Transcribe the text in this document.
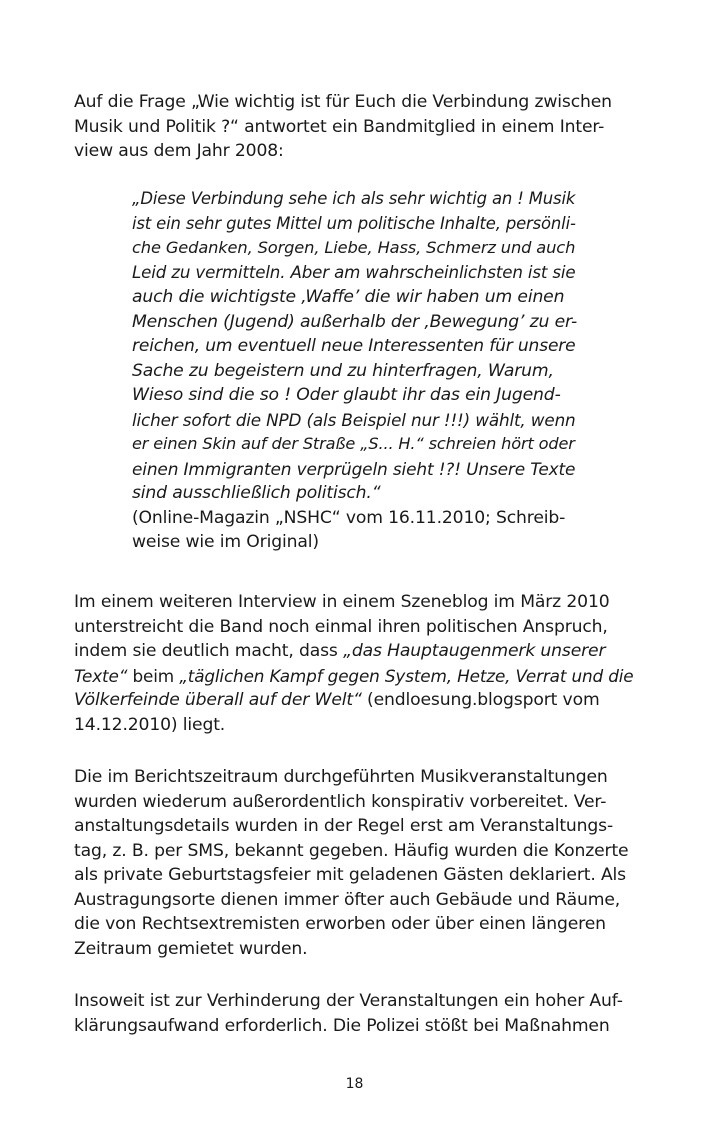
Auf die Frage „Wie wichtig ist für Euch die Verbindung zwischen
Musik und Politik ?“ antwortet ein Bandmitglied in einem Inter-
view aus dem Jahr 2008:
„Diese Verbindung sehe ich als sehr wichtig an ! Musik
ist ein sehr gutes Mittel um politische Inhalte, persönli-
che Gedanken, Sorgen, Liebe, Hass, Schmerz und auch
Leid zu vermitteln. Aber am wahrscheinlichsten ist sie
auch die wichtigste ‚Waffe’ die wir haben um einen
Menschen (Jugend) außerhalb der ‚Bewegung’ zu er-
reichen, um eventuell neue Interessenten für unsere
Sache zu begeistern und zu hinterfragen, Warum,
Wieso sind die so ! Oder glaubt ihr das ein Jugend-
licher sofort die NPD (als Beispiel nur !!!) wählt, wenn
er einen Skin auf der Straße „S... H.“ schreien hört oder
einen Immigranten verprügeln sieht !?! Unsere Texte
sind ausschließlich politisch.“
(Online-Magazin „NSHC“ vom 16.11.2010; Schreib-
weise wie im Original)
Im einem weiteren Interview in einem Szeneblog im März 2010
unterstreicht die Band noch einmal ihren politischen Anspruch,
indem sie deutlich macht, dass „das Hauptaugenmerk unserer
Texte“ beim „täglichen Kampf gegen System, Hetze, Verrat und die
Völkerfeinde überall auf der Welt“ (endloesung.blogsport vom
14.12.2010) liegt.
Die im Berichtszeitraum durchgeführten Musikveranstaltungen
wurden wiederum außerordentlich konspirativ vorbereitet. Ver-
anstaltungsdetails wurden in der Regel erst am Veranstaltungs-
tag, z. B. per SMS, bekannt gegeben. Häufig wurden die Konzerte
als private Geburtstagsfeier mit geladenen Gästen deklariert. Als
Austragungsorte dienen immer öfter auch Gebäude und Räume,
die von Rechtsextremisten erworben oder über einen längeren
Zeitraum gemietet wurden.
Insoweit ist zur Verhinderung der Veranstaltungen ein hoher Auf-
klärungsaufwand erforderlich. Die Polizei stößt bei Maßnahmen
18
